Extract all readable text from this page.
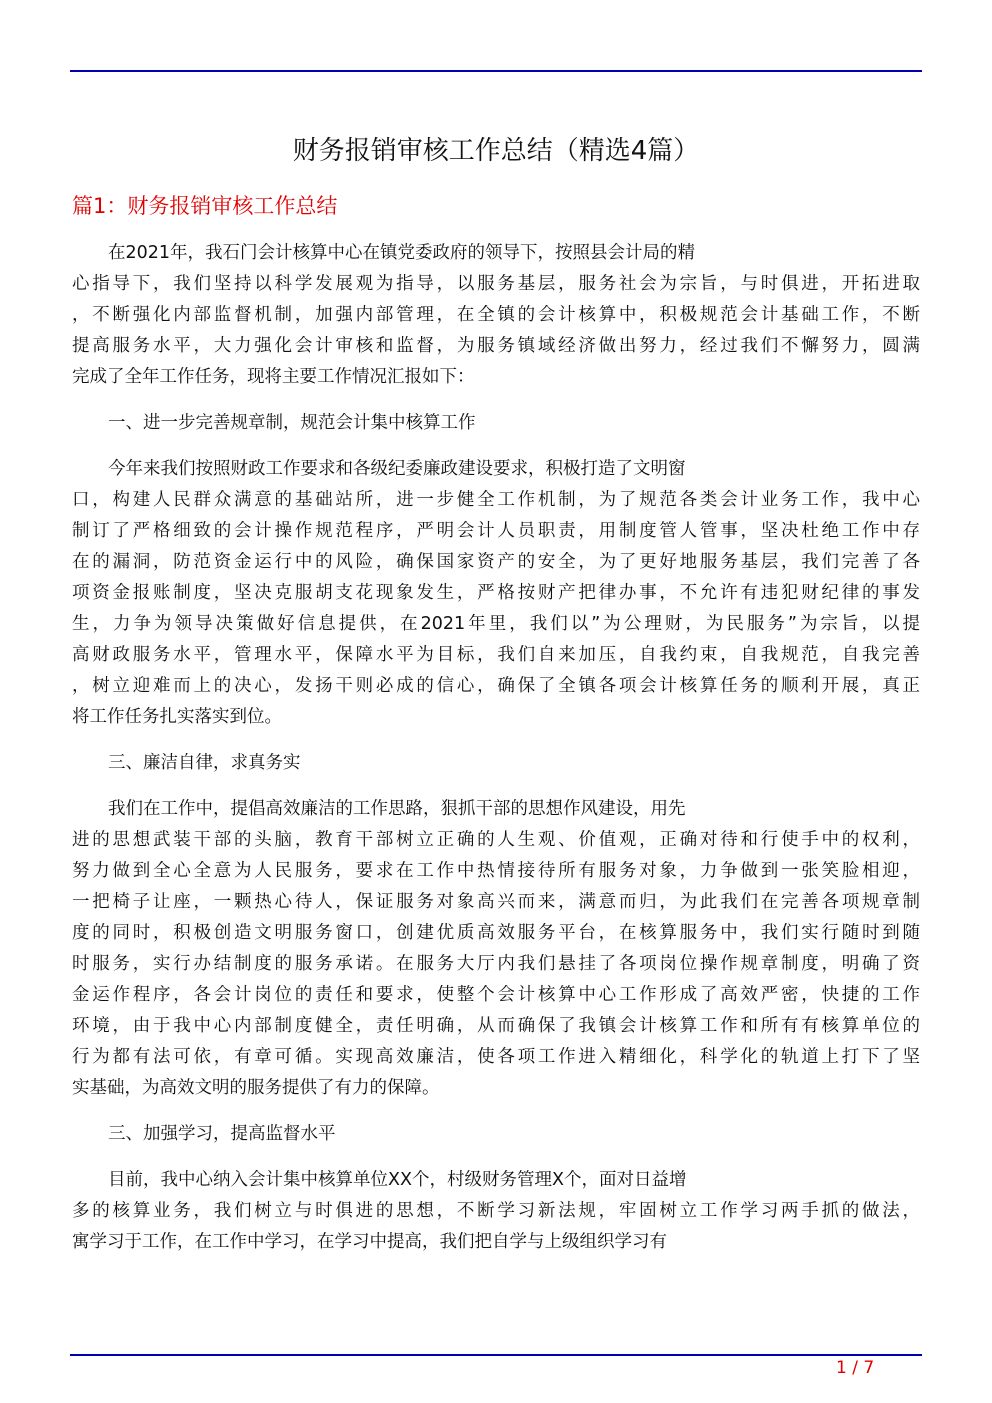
财务报销审核工作总结（精选4篇）
篇1：财务报销审核工作总结
在2021年，我石门会计核算中心在镇党委政府的领导下，按照县会计局的精
心指导下，我们坚持以科学发展观为指导，以服务基层，服务社会为宗旨，与时俱进，开拓进取
，不断强化内部监督机制，加强内部管理，在全镇的会计核算中，积极规范会计基础工作，不断
提高服务水平，大力强化会计审核和监督，为服务镇域经济做出努力，经过我们不懈努力，圆满
完成了全年工作任务，现将主要工作情况汇报如下：
一、进一步完善规章制，规范会计集中核算工作
今年来我们按照财政工作要求和各级纪委廉政建设要求，积极打造了文明窗
口，构建人民群众满意的基础站所，进一步健全工作机制，为了规范各类会计业务工作，我中心
制订了严格细致的会计操作规范程序，严明会计人员职责，用制度管人管事，坚决杜绝工作中存
在的漏洞，防范资金运行中的风险，确保国家资产的安全，为了更好地服务基层，我们完善了各
项资金报账制度，坚决克服胡支花现象发生，严格按财产把律办事，不允许有违犯财纪律的事发
生，力争为领导决策做好信息提供，在2021年里，我们以”为公理财，为民服务”为宗旨，以提
高财政服务水平，管理水平，保障水平为目标，我们自来加压，自我约束，自我规范，自我完善
，树立迎难而上的决心，发扬干则必成的信心，确保了全镇各项会计核算任务的顺利开展，真正
将工作任务扎实落实到位。
三、廉洁自律，求真务实
我们在工作中，提倡高效廉洁的工作思路，狠抓干部的思想作风建设，用先
进的思想武装干部的头脑，教育干部树立正确的人生观、价值观，正确对待和行使手中的权利，
努力做到全心全意为人民服务，要求在工作中热情接待所有服务对象，力争做到一张笑脸相迎，
一把椅子让座，一颗热心待人，保证服务对象高兴而来，满意而归，为此我们在完善各项规章制
度的同时，积极创造文明服务窗口，创建优质高效服务平台，在核算服务中，我们实行随时到随
时服务，实行办结制度的服务承诺。在服务大厅内我们悬挂了各项岗位操作规章制度，明确了资
金运作程序，各会计岗位的责任和要求，使整个会计核算中心工作形成了高效严密，快捷的工作
环境，由于我中心内部制度健全，责任明确，从而确保了我镇会计核算工作和所有有核算单位的
行为都有法可依，有章可循。实现高效廉洁，使各项工作进入精细化，科学化的轨道上打下了坚
实基础，为高效文明的服务提供了有力的保障。
三、加强学习，提高监督水平
目前，我中心纳入会计集中核算单位XX个，村级财务管理X个，面对日益增
多的核算业务，我们树立与时俱进的思想，不断学习新法规，牢固树立工作学习两手抓的做法，
寓学习于工作，在工作中学习，在学习中提高，我们把自学与上级组织学习有
1 / 7
